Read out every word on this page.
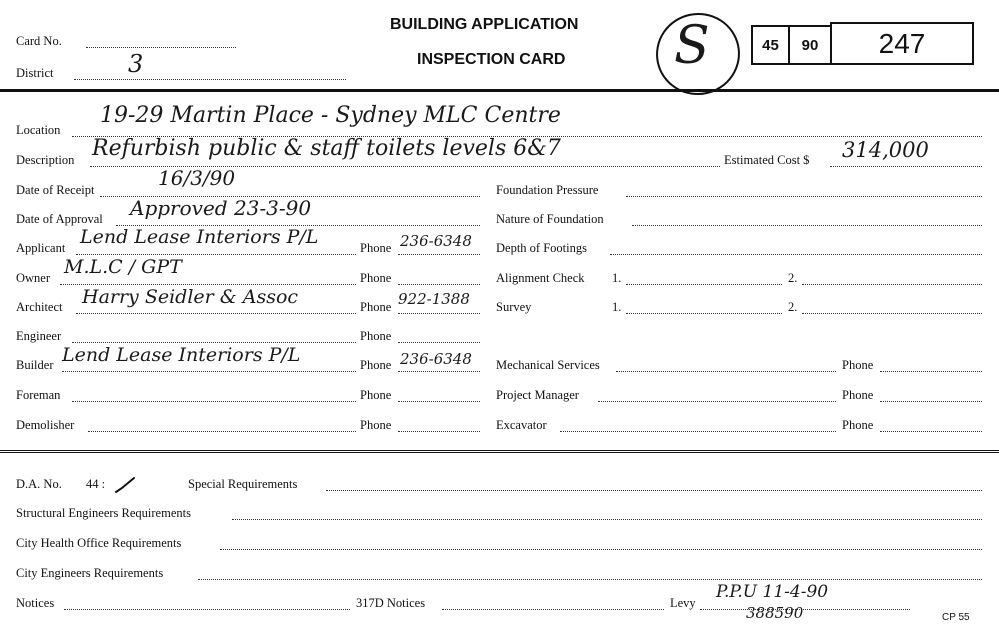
Card No.
District	3
BUILDING APPLICATION
INSPECTION CARD S	45	90	247
Location
19-29 Martin Place - Sydney MLC Centre
Description Refurbish public & staff toilets levels 6&7	Estimated Cost $ 314,000
Date of Receipt	16/3/90
Date of Approval Approved 23-3-90
Applicant Lend Lease Interiors P/L	Phone 236-6348
Owner M.L.C / GPT	Phone
Architect Harry Seidler & Assoc	Phone 922-1388
Engineer	Phone
Builder Lend Lease Interiors P/L	Phone 236-6348
Foreman	Phone
Demolisher	Phone
Foundation Pressure
Nature of Foundation
Depth of Footings
Alignment Check 1.	2.
Survey	1.	2.
Mechanical Services	Phone
Project Manager	Phone
Excavator	Phone
D.A. No. 44 :	Special Requirements
Structural Engineers Requirements
City Health Office Requirements
City Engineers Requirements
Notices	317D Notices	Levy
P.P.U 11-4-90
388590	CP 55
